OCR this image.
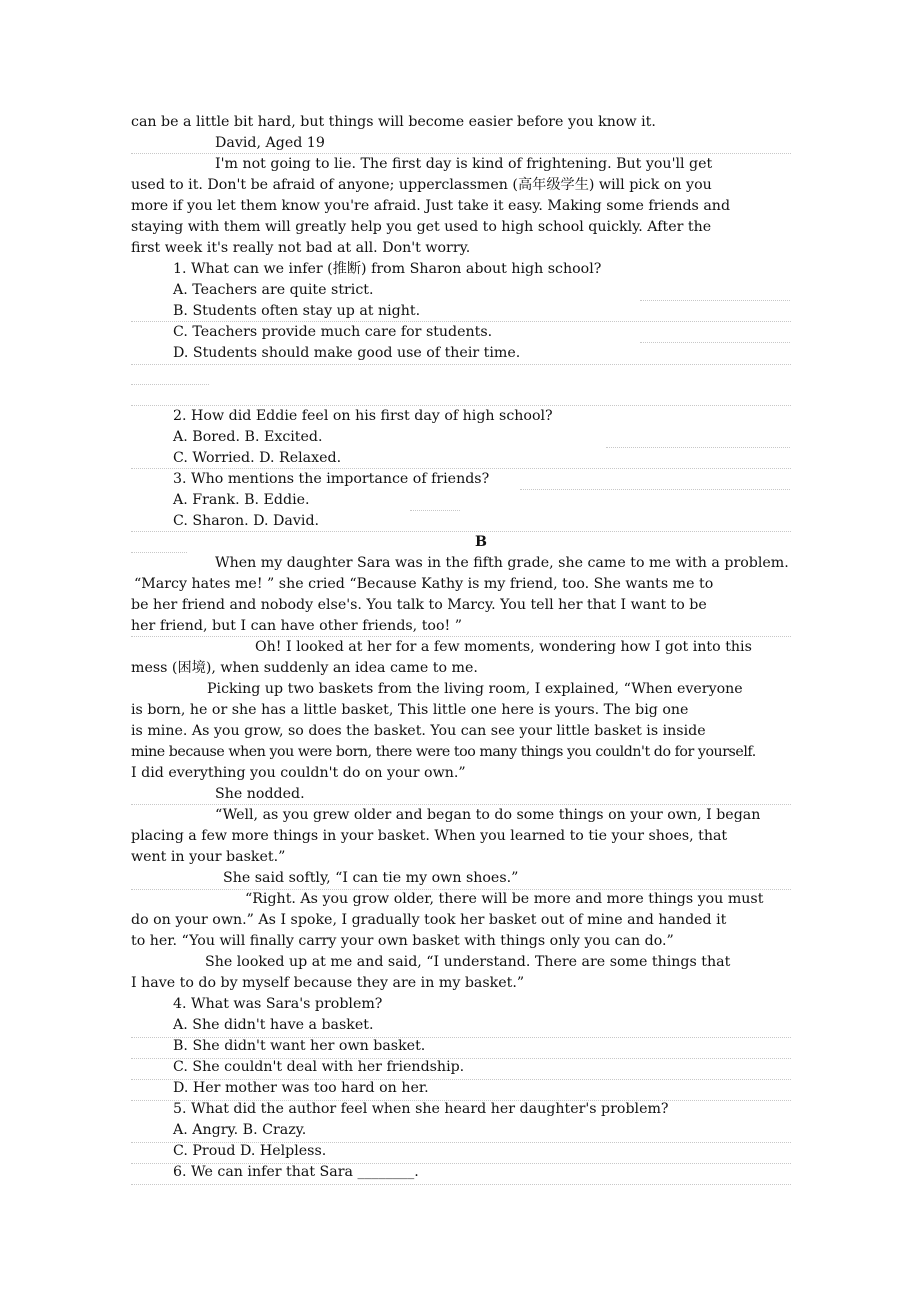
can be a little bit hard, but things will become easier before you know it.
David, Aged 19
I'm not going to lie. The first day is kind of frightening. But you'll get
used to it. Don't be afraid of anyone; upperclassmen (高年级学生) will pick on you
more if you let them know you're afraid. Just take it easy. Making some friends and
staying with them will greatly help you get used to high school quickly. After the
first week it's really not bad at all. Don't worry.
1. What can we infer (推断) from Sharon about high school?
A. Teachers are quite strict.
B. Students often stay up at night.
C. Teachers provide much care for students.
D. Students should make good use of their time.
2. How did Eddie feel on his first day of high school?
A. Bored. B. Excited.
C. Worried. D. Relaxed.
3. Who mentions the importance of friends?
A. Frank. B. Eddie.
C. Sharon. D. David.
B
When my daughter Sara was in the fifth grade, she came to me with a problem.
“Marcy hates me! ” she cried “Because Kathy is my friend, too. She wants me to
be her friend and nobody else's. You talk to Marcy. You tell her that I want to be
her friend, but I can have other friends, too! ”
Oh! I looked at her for a few moments, wondering how I got into this
mess (困境), when suddenly an idea came to me.
Picking up two baskets from the living room, I explained, “When everyone
is born, he or she has a little basket, This little one here is yours. The big one
is mine. As you grow, so does the basket. You can see your little basket is inside
mine because when you were born, there were too many things you couldn't do for yourself.
I did everything you couldn't do on your own.”
She nodded.
“Well, as you grew older and began to do some things on your own, I began
placing a few more things in your basket. When you learned to tie your shoes, that
went in your basket.”
She said softly, “I can tie my own shoes.”
“Right. As you grow older, there will be more and more things you must
do on your own.” As I spoke, I gradually took her basket out of mine and handed it
to her. “You will finally carry your own basket with things only you can do.”
She looked up at me and said, “I understand. There are some things that
I have to do by myself because they are in my basket.”
4. What was Sara's problem?
A. She didn't have a basket.
B. She didn't want her own basket.
C. She couldn't deal with her friendship.
D. Her mother was too hard on her.
5. What did the author feel when she heard her daughter's problem?
A. Angry. B. Crazy.
C. Proud D. Helpless.
6. We can infer that Sara ________.
